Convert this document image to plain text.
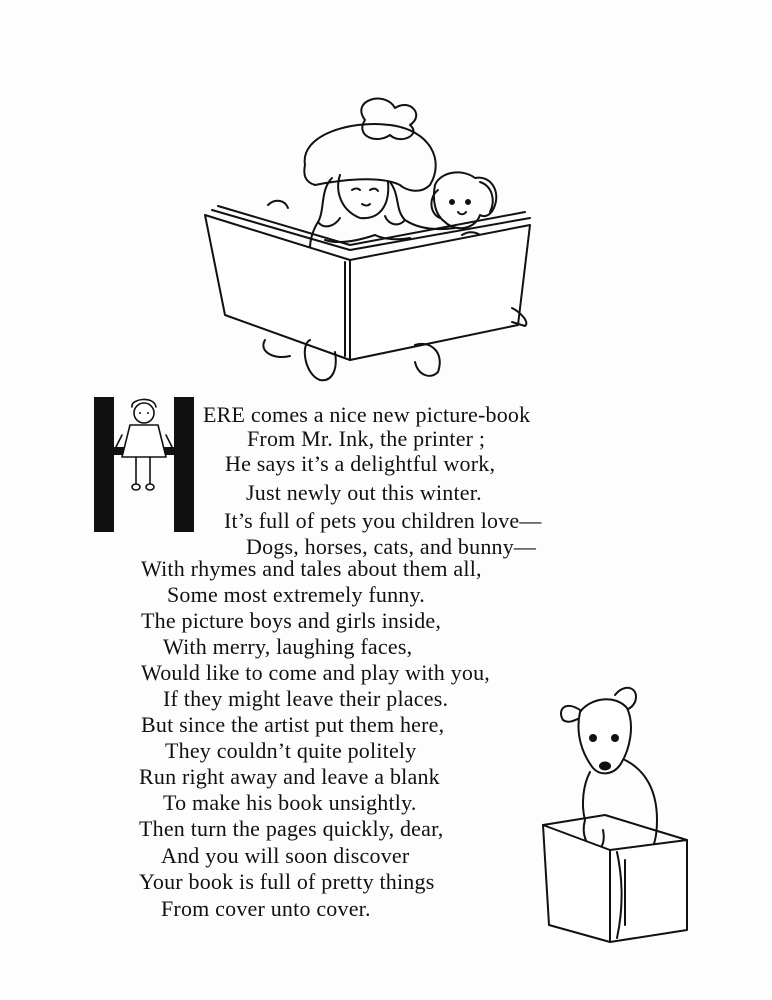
ERE comes a nice new picture-book
From Mr. Ink, the printer ;
He says it’s a delightful work,
Just newly out this winter.
It’s full of pets you children love—
Dogs, horses, cats, and bunny—
With rhymes and tales about them all,
Some most extremely funny.
The picture boys and girls inside,
With merry, laughing faces,
Would like to come and play with you,
If they might leave their places.
But since the artist put them here,
They couldn’t quite politely
Run right away and leave a blank
To make his book unsightly.
Then turn the pages quickly, dear,
And you will soon discover
Your book is full of pretty things
From cover unto cover.
